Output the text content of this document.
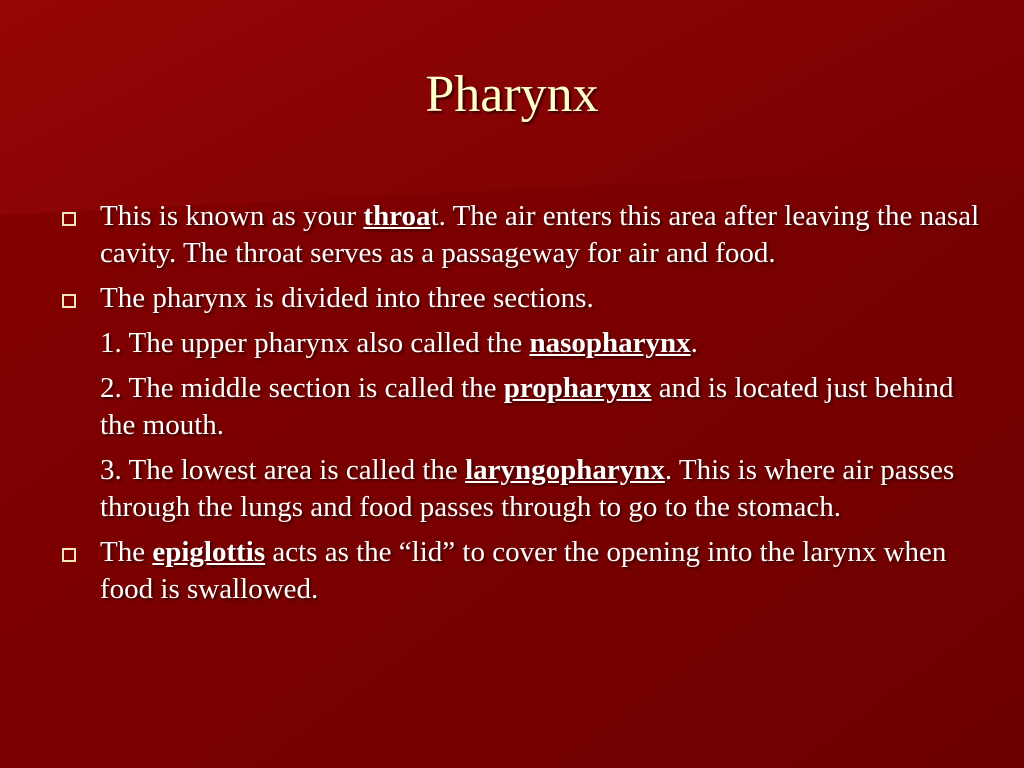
Pharynx
This is known as your throat. The air enters this area after leaving the nasal cavity. The throat serves as a passageway for air and food.
The pharynx is divided into three sections.
1. The upper pharynx also called the nasopharynx.
2. The middle section is called the propharynx and is located just behind the mouth.
3. The lowest area is called the laryngopharynx. This is where air passes through the lungs and food passes through to go to the stomach.
The epiglottis acts as the “lid” to cover the opening into the larynx when food is swallowed.
